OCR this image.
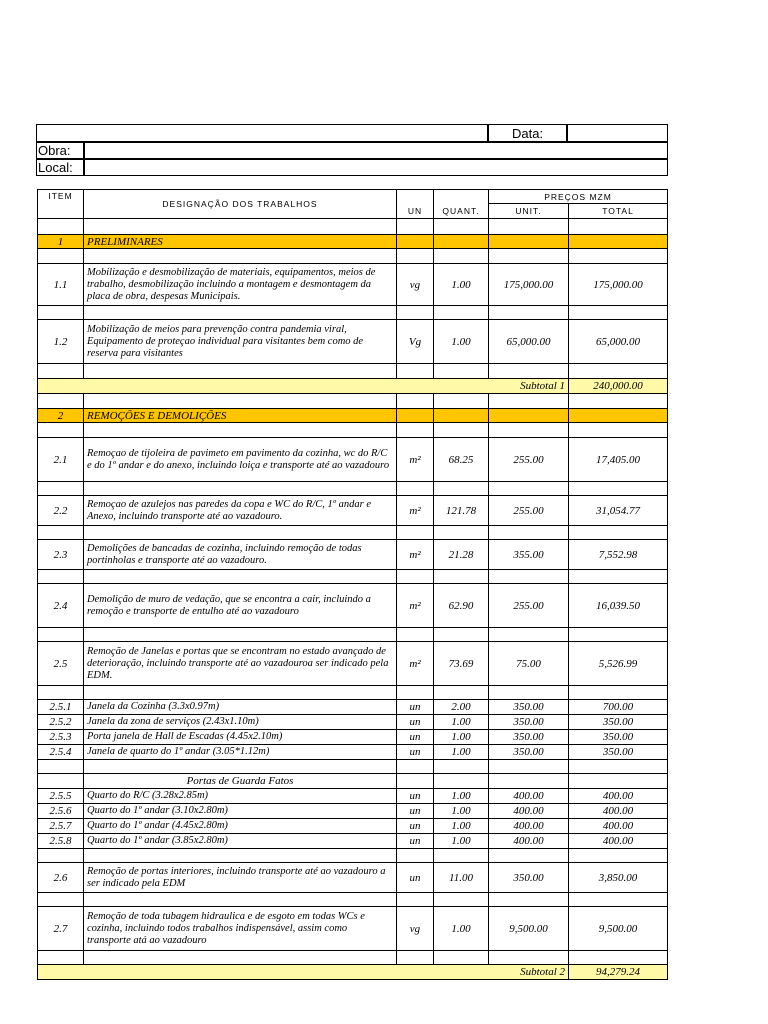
Data:
Obra:
Local:
ITEM	DESIGNAÇÃO DOS TRABALHOS			PREÇOS MZM	
		UN	QUANT.	UNIT.	TOTAL

1	PRELIMINARES				

1.1	Mobilização e desmobilização de materiais, equipamentos, meios de trabalho, desmobilização incluindo a montagem e desmontagem da placa de obra, despesas Municipais.	vg	1.00	175,000.00	175,000.00

1.2	Mobilização de meios para prevenção contra pandemia viral, Equipamento de proteçao individual para visitantes bem como de reserva para visitantes	Vg	1.00	65,000.00	65,000.00

Subtotal 1					240,000.00

2	REMOÇÕES E DEMOLIÇÕES				

2.1	Remoçao de tijoleira de pavimeto em pavimento da cozinha, wc do R/C e do 1º andar e do anexo, incluindo loiça e transporte até ao vazadouro	m²	68.25	255.00	17,405.00

2.2	Remoçao de azulejos nas paredes da copa e WC do R/C, 1º andar e Anexo, incluindo transporte até ao vazadouro.	m²	121.78	255.00	31,054.77

2.3	Demolições de bancadas de cozinha, incluindo remoção de todas portinholas e transporte até ao vazadouro.	m²	21.28	355.00	7,552.98

2.4	Demolição de muro de vedação, que se encontra a cair, incluindo a remoção e transporte de entulho até ao vazadouro	m²	62.90	255.00	16,039.50

2.5	Remoção de Janelas e portas que se encontram no estado avançado de deterioração, incluindo transporte até ao vazadouroa ser indicado pela EDM.	m²	73.69	75.00	5,526.99

2.5.1	Janela da Cozinha (3.3x0.97m)	un	2.00	350.00	700.00
2.5.2	Janela da zona de serviços (2.43x1.10m)	un	1.00	350.00	350.00
2.5.3	Porta janela de Hall de Escadas (4.45x2.10m)	un	1.00	350.00	350.00
2.5.4	Janela de quarto do 1º andar (3.05*1.12m)	un	1.00	350.00	350.00

	Portas de Guarda Fatos				
2.5.5	Quarto do R/C (3.28x2.85m)	un	1.00	400.00	400.00
2.5.6	Quarto do 1º andar (3.10x2.80m)	un	1.00	400.00	400.00
2.5.7	Quarto do 1º andar (4.45x2.80m)	un	1.00	400.00	400.00
2.5.8	Quarto do 1º andar (3.85x2.80m)	un	1.00	400.00	400.00

2.6	Remoção de portas interiores, incluindo transporte até ao vazadouro a ser indicado pela EDM	un	11.00	350.00	3,850.00

2.7	Remoção de toda tubagem hidraulica e de esgoto em todas WCs e cozinha, incluindo todos trabalhos indispensável, assim como transporte atá ao vazadouro	vg	1.00	9,500.00	9,500.00

Subtotal 2					94,279.24
